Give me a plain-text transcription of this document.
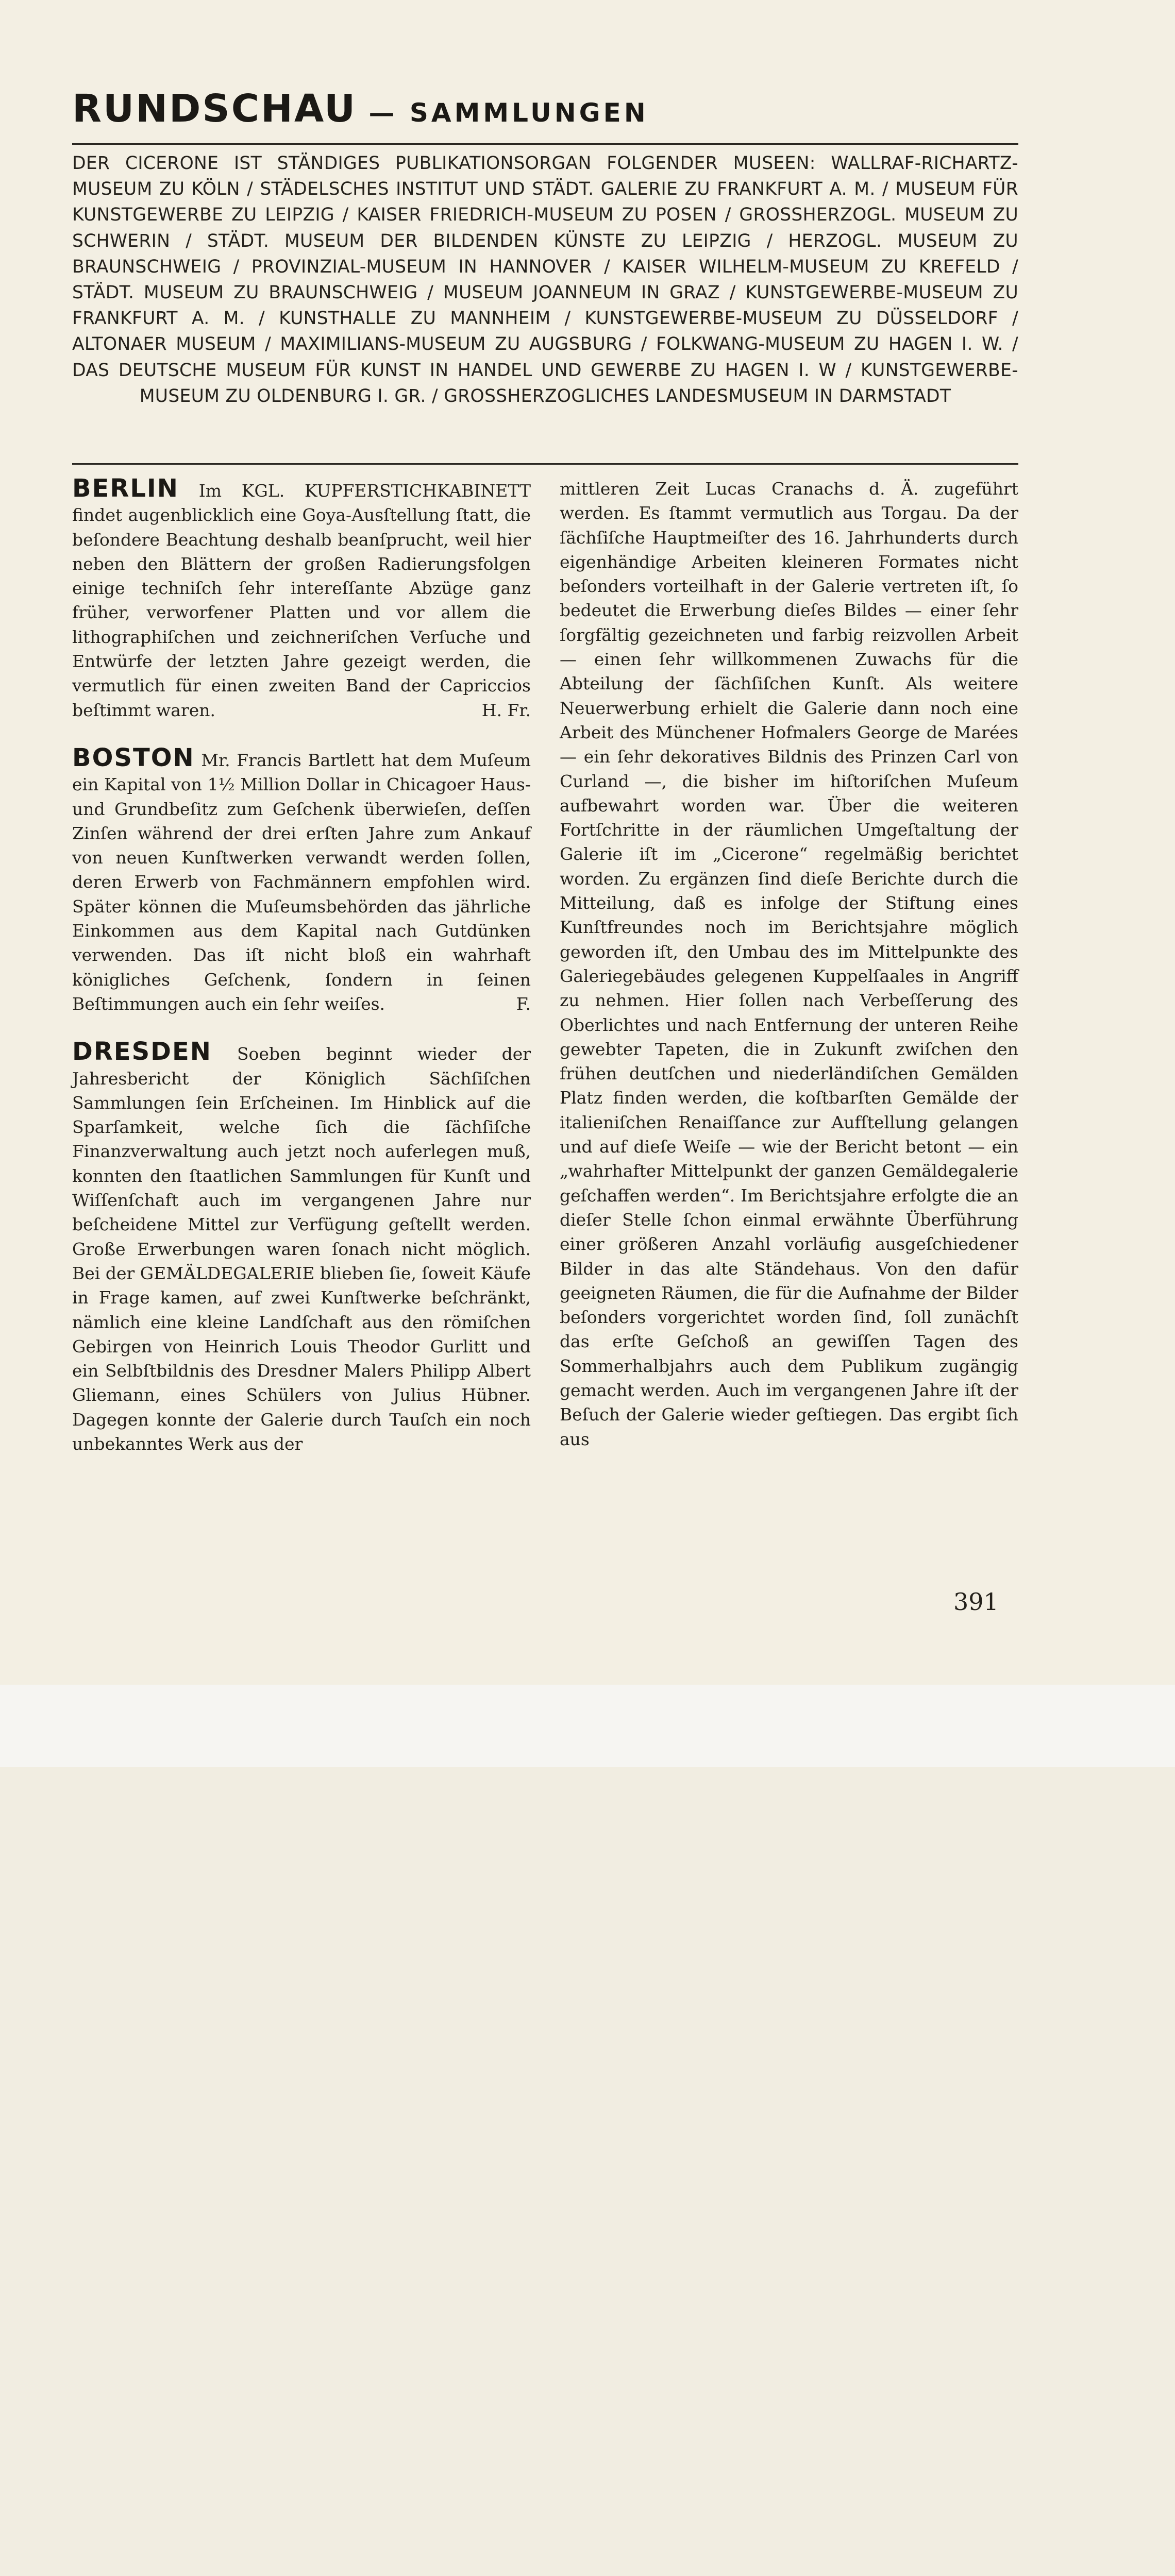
RUNDSCHAU — SAMMLUNGEN
DER CICERONE IST STÄNDIGES PUBLIKATIONSORGAN FOLGENDER MUSEEN: WALLRAF-RICHARTZ-MUSEUM ZU KÖLN / STÄDELSCHES INSTITUT UND STÄDT. GALERIE ZU FRANKFURT A. M. / MUSEUM FÜR KUNSTGEWERBE ZU LEIPZIG / KAISER FRIEDRICH-MUSEUM ZU POSEN / GROSSHERZOGL. MUSEUM ZU SCHWERIN / STÄDT. MUSEUM DER BILDENDEN KÜNSTE ZU LEIPZIG / HERZOGL. MUSEUM ZU BRAUNSCHWEIG / PROVINZIAL-MUSEUM IN HANNOVER / KAISER WILHELM-MUSEUM ZU KREFELD / STÄDT. MUSEUM ZU BRAUNSCHWEIG / MUSEUM JOANNEUM IN GRAZ / KUNSTGEWERBE-MUSEUM ZU FRANKFURT A. M. / KUNSTHALLE ZU MANNHEIM / KUNSTGEWERBE-MUSEUM ZU DÜSSELDORF / ALTONAER MUSEUM / MAXIMILIANS-MUSEUM ZU AUGSBURG / FOLKWANG-MUSEUM ZU HAGEN I. W. / DAS DEUTSCHE MUSEUM FÜR KUNST IN HANDEL UND GEWERBE ZU HAGEN I. W / KUNSTGEWERBE-MUSEUM ZU OLDENBURG I. GR. / GROSSHERZOGLICHES LANDESMUSEUM IN DARMSTADT

BERLIN Im KGL. KUPFERSTICHKABINETT findet augenblicklich eine Goya-Ausſtellung ſtatt, die beſondere Beachtung deshalb beanſprucht, weil hier neben den Blättern der großen Radierungsfolgen einige techniſch ſehr intereſſante Abzüge ganz früher, verworfener Platten und vor allem die lithographiſchen und zeichneriſchen Verſuche und Entwürfe der letzten Jahre gezeigt werden, die vermutlich für einen zweiten Band der Capriccios beſtimmt waren.	H. Fr.

BOSTON Mr. Francis Bartlett hat dem Muſeum ein Kapital von 1½ Million Dollar in Chicagoer Haus- und Grundbeſitz zum Geſchenk überwieſen, deſſen Zinſen während der drei erſten Jahre zum Ankauf von neuen Kunſtwerken verwandt werden ſollen, deren Erwerb von Fachmännern empfohlen wird. Später können die Muſeumsbehörden das jährliche Einkommen aus dem Kapital nach Gutdünken verwenden. Das iſt nicht bloß ein wahrhaft königliches Geſchenk, ſondern in ſeinen Beſtimmungen auch ein ſehr weiſes.	F.

DRESDEN Soeben beginnt wieder der Jahresbericht der Königlich Sächſiſchen Sammlungen ſein Erſcheinen. Im Hinblick auf die Sparſamkeit, welche ſich die ſächſiſche Finanzverwaltung auch jetzt noch auferlegen muß, konnten den ſtaatlichen Sammlungen für Kunſt und Wiſſenſchaft auch im vergangenen Jahre nur beſcheidene Mittel zur Verfügung geſtellt werden. Große Erwerbungen waren ſonach nicht möglich. Bei der GEMÄLDEGALERIE blieben ſie, ſoweit Käufe in Frage kamen, auf zwei Kunſtwerke beſchränkt, nämlich eine kleine Landſchaft aus den römiſchen Gebirgen von Heinrich Louis Theodor Gurlitt und ein Selbſtbildnis des Dresdner Malers Philipp Albert Gliemann, eines Schülers von Julius Hübner. Dagegen konnte der Galerie durch Tauſch ein noch unbekanntes Werk aus der

mittleren Zeit Lucas Cranachs d. Ä. zugeführt werden. Es ſtammt vermutlich aus Torgau. Da der ſächſiſche Hauptmeiſter des 16. Jahrhunderts durch eigenhändige Arbeiten kleineren Formates nicht beſonders vorteilhaft in der Galerie vertreten iſt, ſo bedeutet die Erwerbung dieſes Bildes — einer ſehr ſorgfältig gezeichneten und farbig reizvollen Arbeit — einen ſehr willkommenen Zuwachs für die Abteilung der ſächſiſchen Kunſt. Als weitere Neuerwerbung erhielt die Galerie dann noch eine Arbeit des Münchener Hofmalers George de Marées — ein ſehr dekoratives Bildnis des Prinzen Carl von Curland —, die bisher im hiſtoriſchen Muſeum aufbewahrt worden war. Über die weiteren Fortſchritte in der räumlichen Umgeſtaltung der Galerie iſt im „Cicerone“ regelmäßig berichtet worden. Zu ergänzen ſind dieſe Berichte durch die Mitteilung, daß es infolge der Stiftung eines Kunſtfreundes noch im Berichtsjahre möglich geworden iſt, den Umbau des im Mittelpunkte des Galeriegebäudes gelegenen Kuppelſaales in Angriff zu nehmen. Hier ſollen nach Verbeſſerung des Oberlichtes und nach Entfernung der unteren Reihe gewebter Tapeten, die in Zukunft zwiſchen den frühen deutſchen und niederländiſchen Gemälden Platz finden werden, die koſtbarſten Gemälde der italieniſchen Renaiſſance zur Aufſtellung gelangen und auf dieſe Weiſe — wie der Bericht betont — ein „wahrhafter Mittelpunkt der ganzen Gemäldegalerie geſchaffen werden“. Im Berichtsjahre erfolgte die an dieſer Stelle ſchon einmal erwähnte Überführung einer größeren Anzahl vorläufig ausgeſchiedener Bilder in das alte Ständehaus. Von den dafür geeigneten Räumen, die für die Aufnahme der Bilder beſonders vorgerichtet worden ſind, ſoll zunächſt das erſte Geſchoß an gewiſſen Tagen des Sommerhalbjahrs auch dem Publikum zugängig gemacht werden. Auch im vergangenen Jahre iſt der Beſuch der Galerie wieder geſtiegen. Das ergibt ſich aus

391
